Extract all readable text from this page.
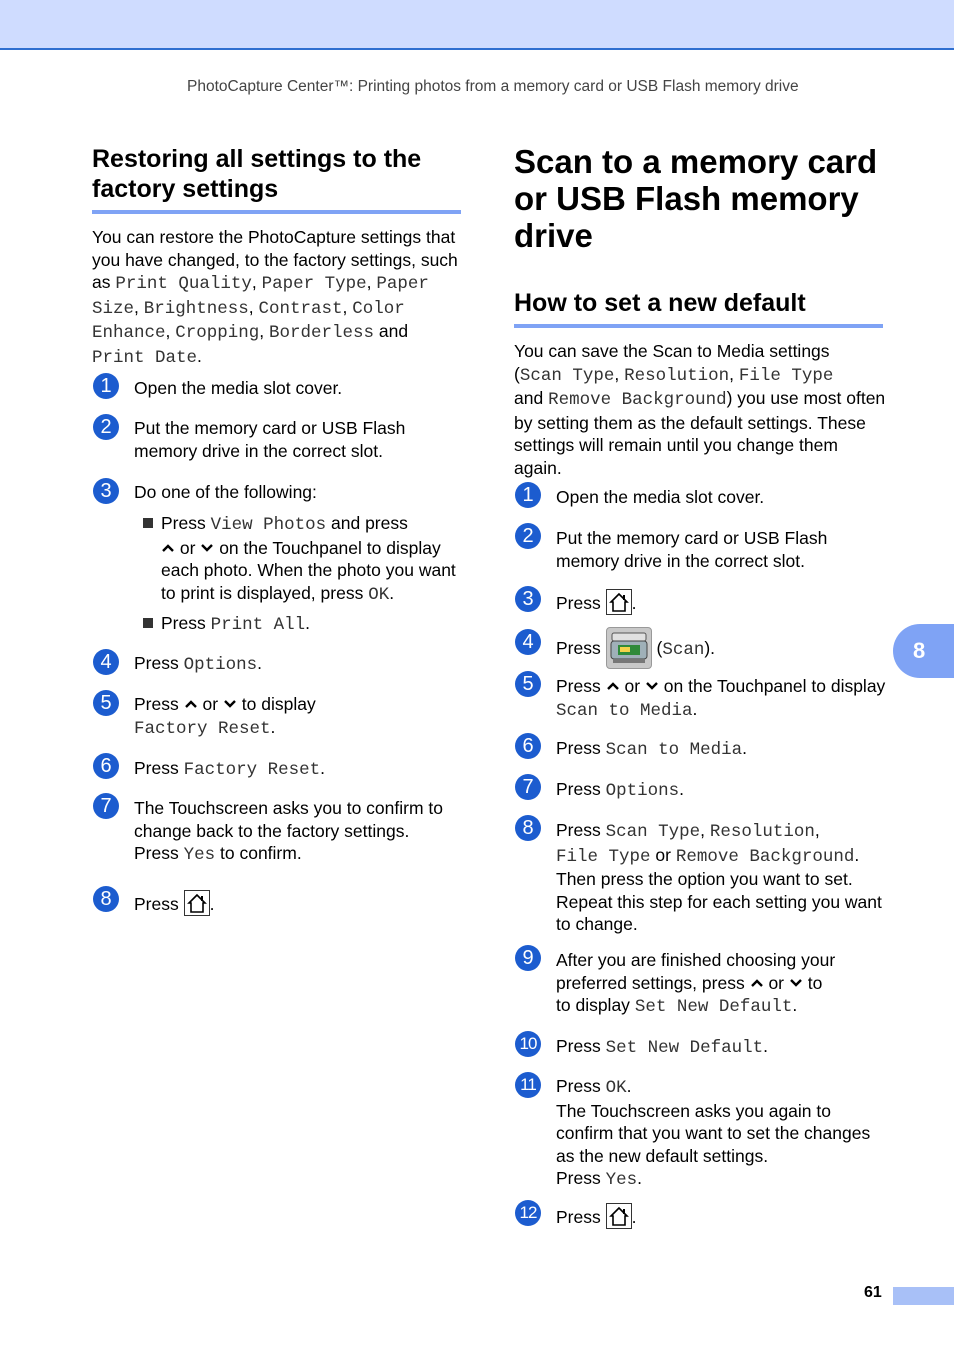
PhotoCapture Center™: Printing photos from a memory card or USB Flash memory drive
Restoring all settings to the factory settings
You can restore the PhotoCapture settings that you have changed, to the factory settings, such as Print Quality, Paper Type, Paper Size, Brightness, Contrast, Color Enhance, Cropping, Borderless and Print Date.
1	Open the media slot cover.
2	Put the memory card or USB Flash memory drive in the correct slot.
3	Do one of the following:
Press View Photos and press
or on the Touchpanel to display each photo. When the photo you want to print is displayed, press OK.
Press Print All.
4	Press Options.
5	Press or to display
Factory Reset.
6	Press Factory Reset.
7	The Touchscreen asks you to confirm to change back to the factory settings.
Press Yes to confirm.
8	Press .
Scan to a memory card or USB Flash memory drive
How to set a new default
You can save the Scan to Media settings
(Scan Type, Resolution, File Type
and Remove Background) you use most often by setting them as the default settings. These settings will remain until you change them again.
1	Open the media slot cover.
2	Put the memory card or USB Flash memory drive in the correct slot.
3	Press .
4	Press	(Scan).
5	Press or on the Touchpanel to display Scan to Media.
6	Press Scan to Media.
7	Press Options.
8	Press Scan Type, Resolution,
File Type or Remove Background.
Then press the option you want to set. Repeat this step for each setting you want to change.
9	After you are finished choosing your preferred settings, press or  to
to display Set New Default.
10 Press Set New Default.
11 Press OK.
The Touchscreen asks you again to confirm that you want to set the changes as the new default settings.
Press Yes.
12 Press .
8
61
